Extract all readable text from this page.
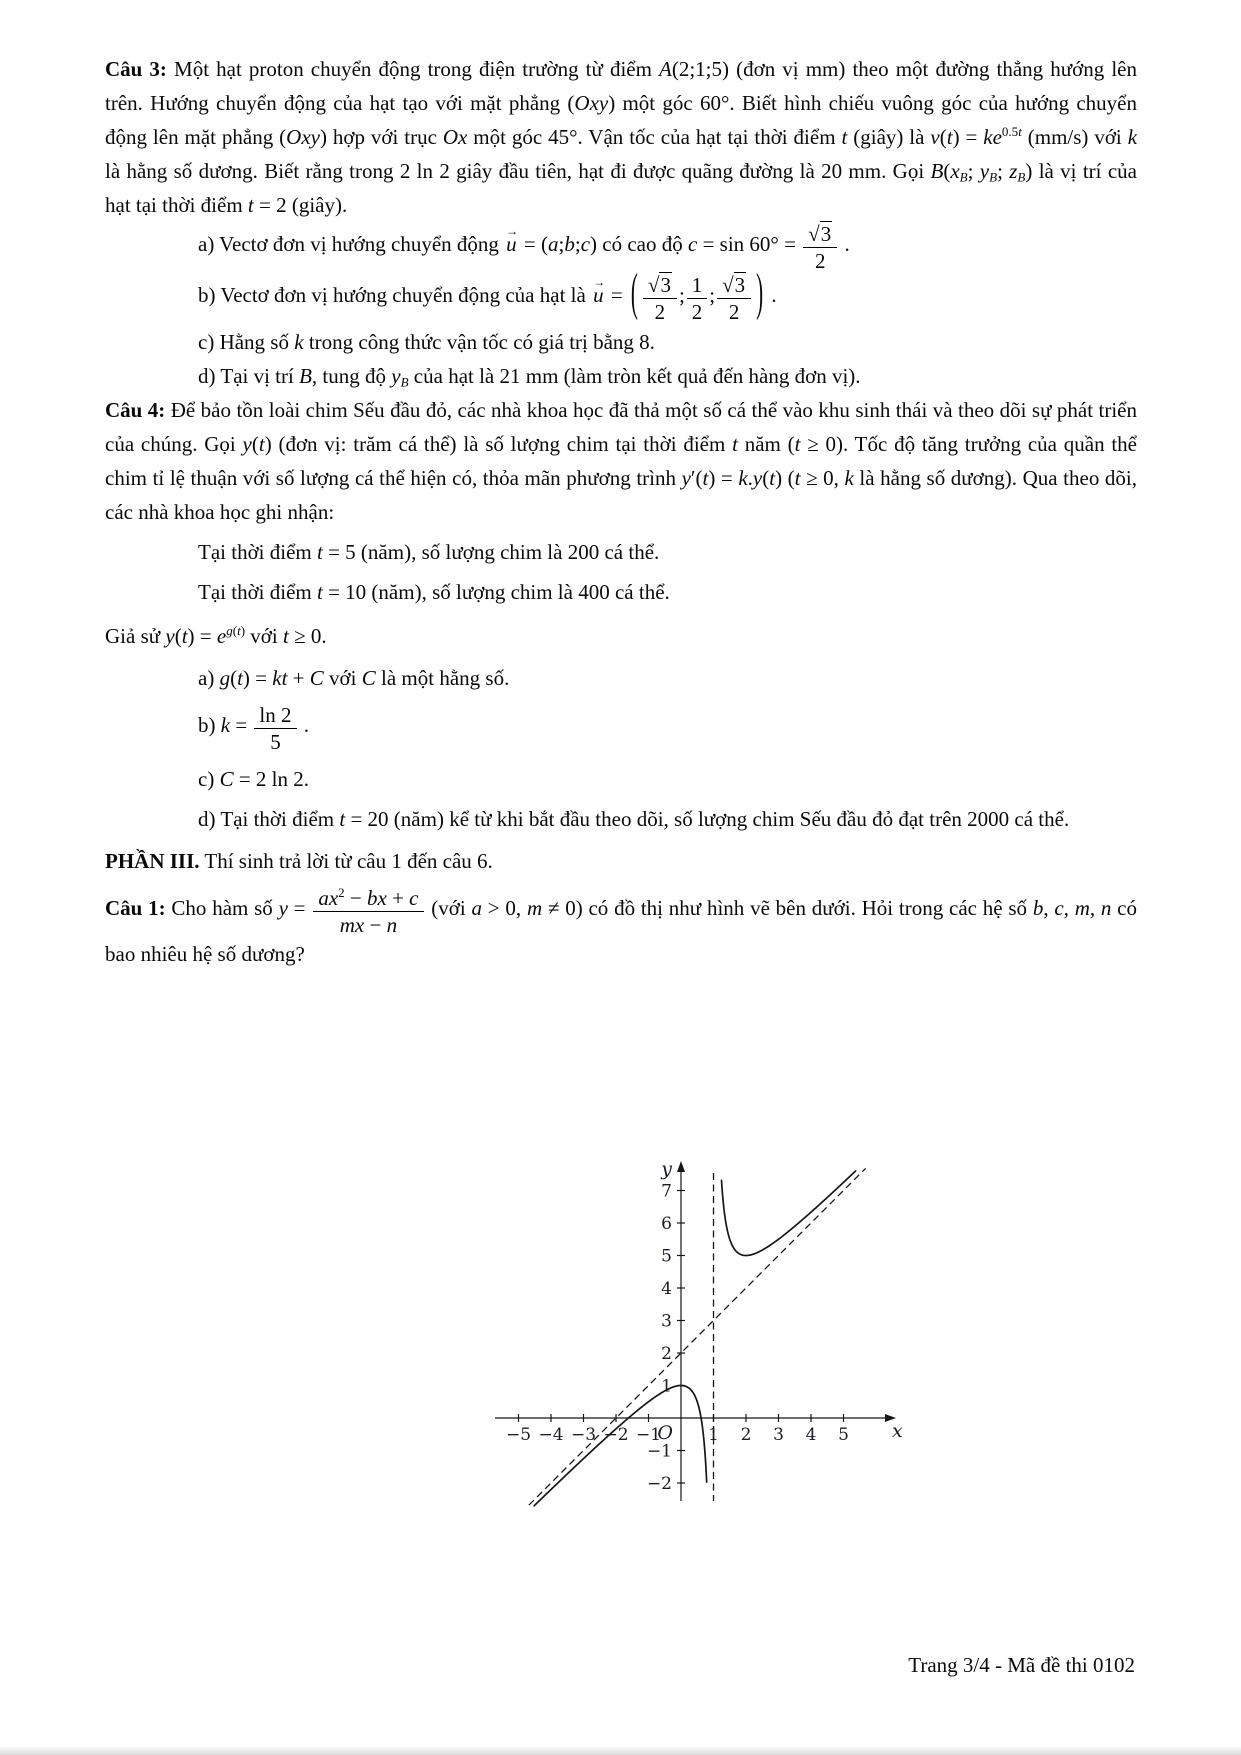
Câu 3: Một hạt proton chuyển động trong điện trường từ điểm A(2;1;5) (đơn vị mm) theo một đường thẳng hướng lên trên. Hướng chuyển động của hạt tạo với mặt phẳng (Oxy) một góc 60°. Biết hình chiếu vuông góc của hướng chuyển động lên mặt phẳng (Oxy) hợp với trục Ox một góc 45°. Vận tốc của hạt tại thời điểm t (giây) là $v(t) = ke^{0.5t}$ (mm/s) với k là hằng số dương. Biết rằng trong 2 ln 2 giây đầu tiên, hạt đi được quãng đường là 20 mm. Gọi $B(x_B$; $y_B$; $z_B$) là vị trí của hạt tại thời điểm t = 2 (giây).
a) Vectơ đơn vị hướng chuyển động → u = (a;b;c) có cao độ $c = \sin 60^\circ = \frac{√3}{2}$ .
b) Vectơ đơn vị hướng chuyển động của hạt là → u = ( $\frac{√3}{2}$ ; $\frac{1}{2}$ ; $\frac{√3}{2}$ ) .
c) Hằng số k trong công thức vận tốc có giá trị bằng 8.
d) Tại vị trí B, tung độ $y_B$ của hạt là 21 mm (làm tròn kết quả đến hàng đơn vị).
Câu 4: Để bảo tồn loài chim Sếu đầu đỏ, các nhà khoa học đã thả một số cá thể vào khu sinh thái và theo dõi sự phát triển của chúng. Gọi y(t) (đơn vị: trăm cá thể) là số lượng chim tại thời điểm t năm (t ≥ 0). Tốc độ tăng trưởng của quần thể chim tỉ lệ thuận với số lượng cá thể hiện có, thỏa mãn phương trình y′(t) = k.y(t) (t ≥ 0, k là hằng số dương). Qua theo dõi, các nhà khoa học ghi nhận:
Tại thời điểm t = 5 (năm), số lượng chim là 200 cá thể.
Tại thời điểm t = 10 (năm), số lượng chim là 400 cá thể.
Giả sử $y(t) = e^{g(t)}$ với t ≥ 0.
a) g(t) = kt + C với C là một hằng số.
b) $k = \frac{\ln 2}{5}$ .
c) C = 2 ln 2.
d) Tại thời điểm t = 20 (năm) kể từ khi bắt đầu theo dõi, số lượng chim Sếu đầu đỏ đạt trên 2000 cá thể.
PHẦN III. Thí sinh trả lời từ câu 1 đến câu 6.
Câu 1: Cho hàm số $y = \frac{ax^2 - bx + c}{mx - n}$ (với a > 0, m ≠ 0) có đồ thị như hình vẽ bên dưới. Hỏi trong các hệ số b, c, m, n có bao nhiêu hệ số dương?
x
y
O
−5 −4 −3 −2 −1	1 2 3 4 5
−2
−1
1
2
3
4
5
6
7
Trang 3/4 - Mã đề thi 0102
